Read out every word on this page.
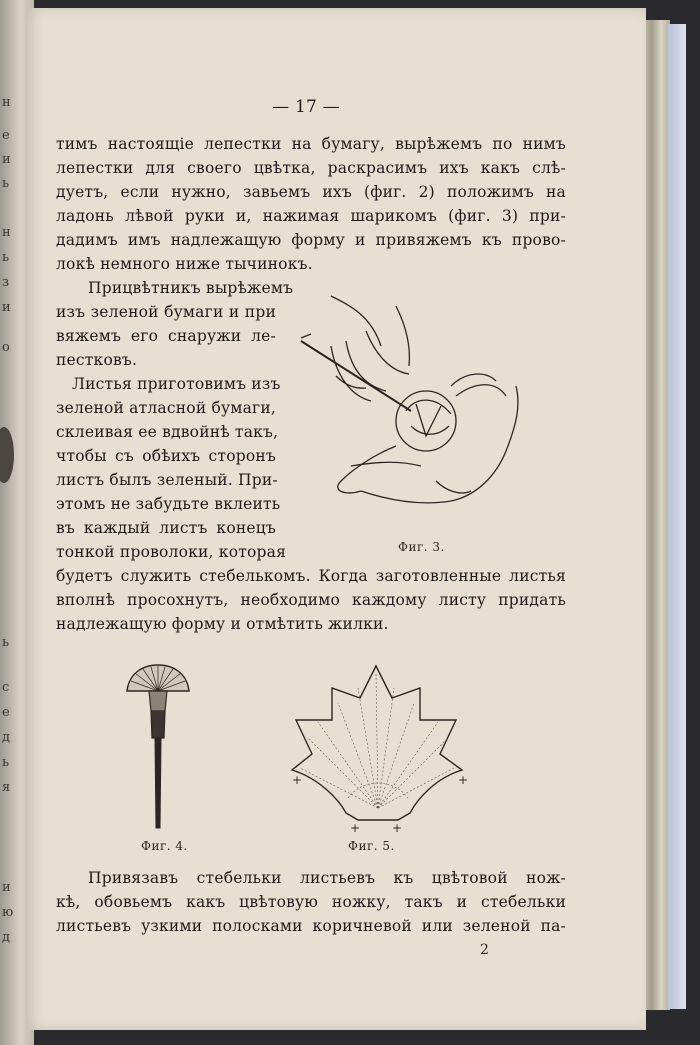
н
е
и
ь
н
ь
з
и
о
ь
с
е
д
ь
я
и
ю
д
— 17 —
тимъ настоящіе лепестки на бумагу, вырѣжемъ по нимъ
лепестки для своего цвѣтка, раскрасимъ ихъ какъ слѣ-
дуетъ, если нужно, завьемъ ихъ (фиг. 2) положимъ на
ладонь лѣвой руки и, нажимая шарикомъ (фиг. 3) при-
дадимъ имъ надлежащую форму и привяжемъ къ прово-
локѣ немного ниже тычинокъ.
Прицвѣтникъ вырѣжемъ
изъ зеленой бумаги и при
вяжемъ его снаружи ле-
пестковъ.
Листья приготовимъ изъ
зеленой атласной бумаги,
склеивая ее вдвойнѣ такъ,
чтобы съ обѣихъ сторонъ
листъ былъ зеленый. При-
этомъ не забудьте вклеить
въ каждый листъ конецъ
тонкой проволоки, которая	Фиг. 3.
будетъ служить стебелькомъ. Когда заготовленные листья
вполнѣ просохнутъ, необходимо каждому листу придать
надлежащую форму и отмѣтить жилки.
Фиг. 4.
+	+
+	+
Фиг. 5.
Привязавъ стебельки листьевъ къ цвѣтовой нож-
кѣ, обовьемъ какъ цвѣтовую ножку, такъ и стебельки
листьевъ узкими полосками коричневой или зеленой па-
2
